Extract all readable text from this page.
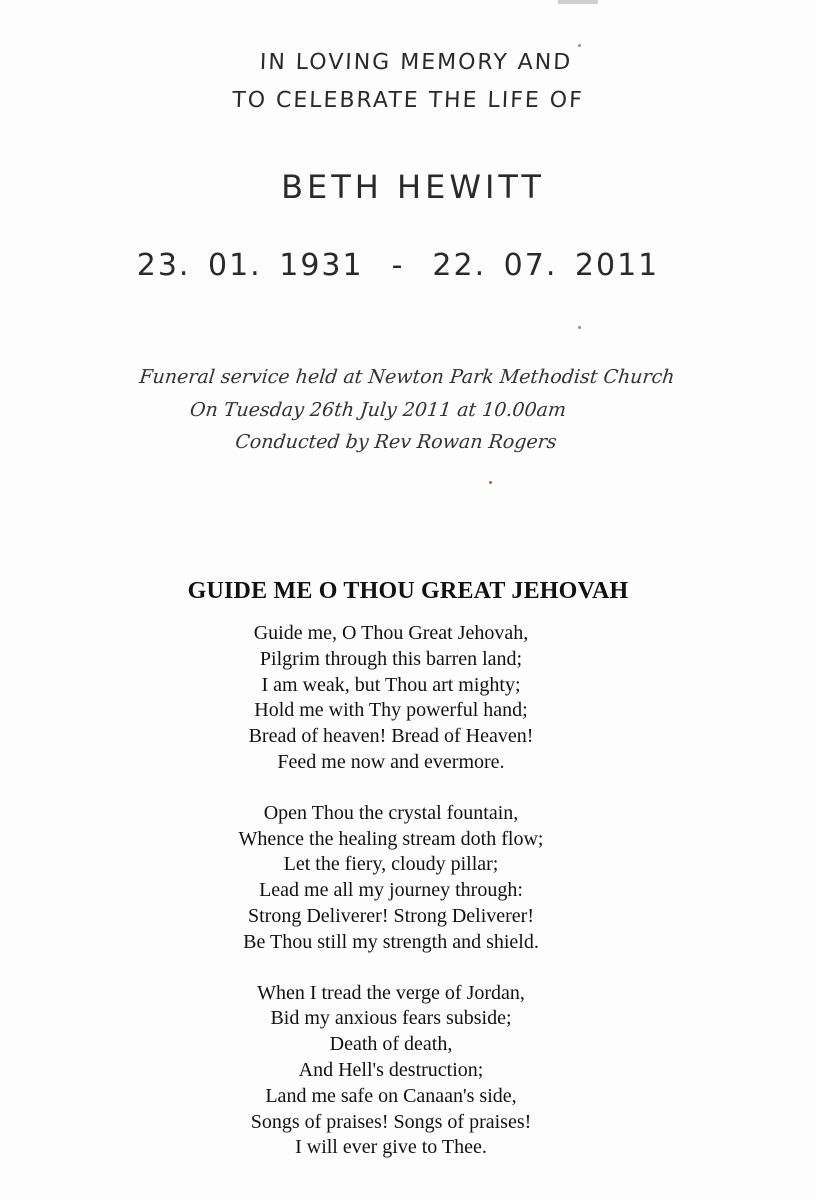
IN LOVING MEMORY AND
TO CELEBRATE THE LIFE OF
BETH HEWITT
23. 01. 1931 - 22. 07. 2011
Funeral service held at Newton Park Methodist Church
On Tuesday 26th July 2011 at 10.00am
Conducted by Rev Rowan Rogers
GUIDE ME O THOU GREAT JEHOVAH
Guide me, O Thou Great Jehovah,
Pilgrim through this barren land;
I am weak, but Thou art mighty;
Hold me with Thy powerful hand;
Bread of heaven! Bread of Heaven!
Feed me now and evermore.
Open Thou the crystal fountain,
Whence the healing stream doth flow;
Let the fiery, cloudy pillar;
Lead me all my journey through:
Strong Deliverer! Strong Deliverer!
Be Thou still my strength and shield.
When I tread the verge of Jordan,
Bid my anxious fears subside;
Death of death,
And Hell's destruction;
Land me safe on Canaan's side,
Songs of praises! Songs of praises!
I will ever give to Thee.
